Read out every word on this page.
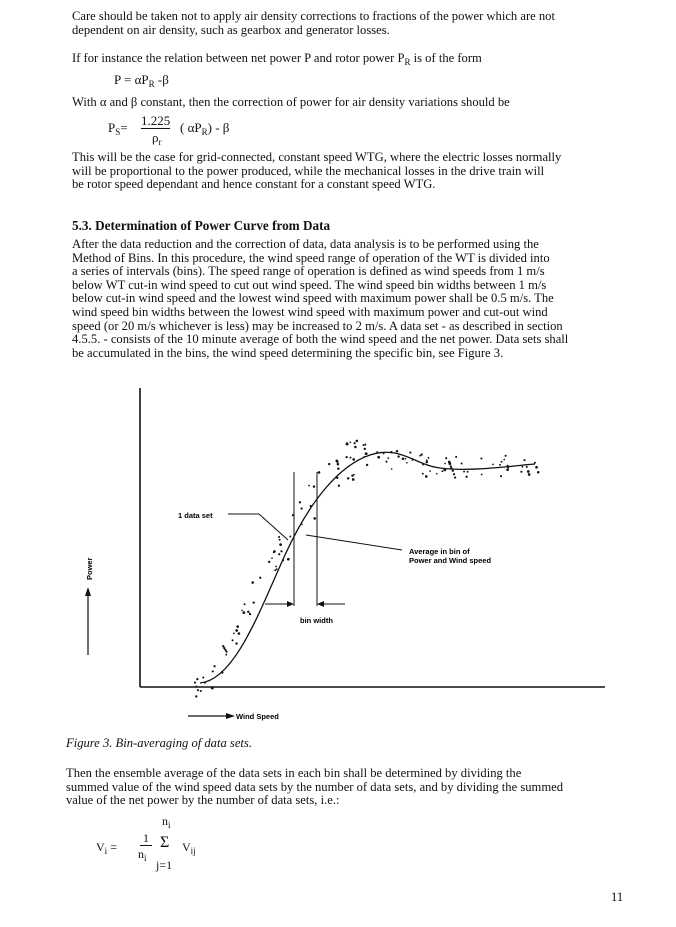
Care should be taken not to apply air density corrections to fractions of the power which are not
dependent on air density, such as gearbox and generator losses.
If for instance the relation between net power P and rotor power $P_R$ is of the form
$P = \alpha P_R$ -β
With α and β constant, then the correction of power for air density variations should be
$P_S= 1.225$
$\rho_r$
( $\alpha P_R$) - β
This will be the case for grid-connected, constant speed WTG, where the electric losses normally
will be proportional to the power produced, while the mechanical losses in the drive train will
be rotor speed dependant and hence constant for a constant speed WTG.
5.3. Determination of Power Curve from Data
After the data reduction and the correction of data, data analysis is to be performed using the
Method of Bins. In this procedure, the wind speed range of operation of the WT is divided into
a series of intervals (bins). The speed range of operation is defined as wind speeds from 1 m/s
below WT cut-in wind speed to cut out wind speed. The wind speed bin widths between 1 m/s
below cut-in wind speed and the lowest wind speed with maximum power shall be 0.5 m/s. The
wind speed bin widths between the lowest wind speed with maximum power and cut-out wind
speed (or 20 m/s whichever is less) may be increased to 2 m/s. A data set - as described in section
4.5.5. - consists of the 10 minute average of both the wind speed and the net power. Data sets shall
be accumulated in the bins, the wind speed determining the specific bin, see Figure 3.
1 data set
Average in bin of
Power and Wind speed
bin width
Power
Wind Speed
Figure 3. Bin-averaging of data sets.
Then the ensemble average of the data sets in each bin shall be determined by dividing the
summed value of the wind speed data sets by the number of data sets, and by dividing the summed
value of the net power by the number of data sets, i.e.:
$V_i$ =
1
$n_i$
$n_i$
Σ
j=1
$V_{ij}$
11
